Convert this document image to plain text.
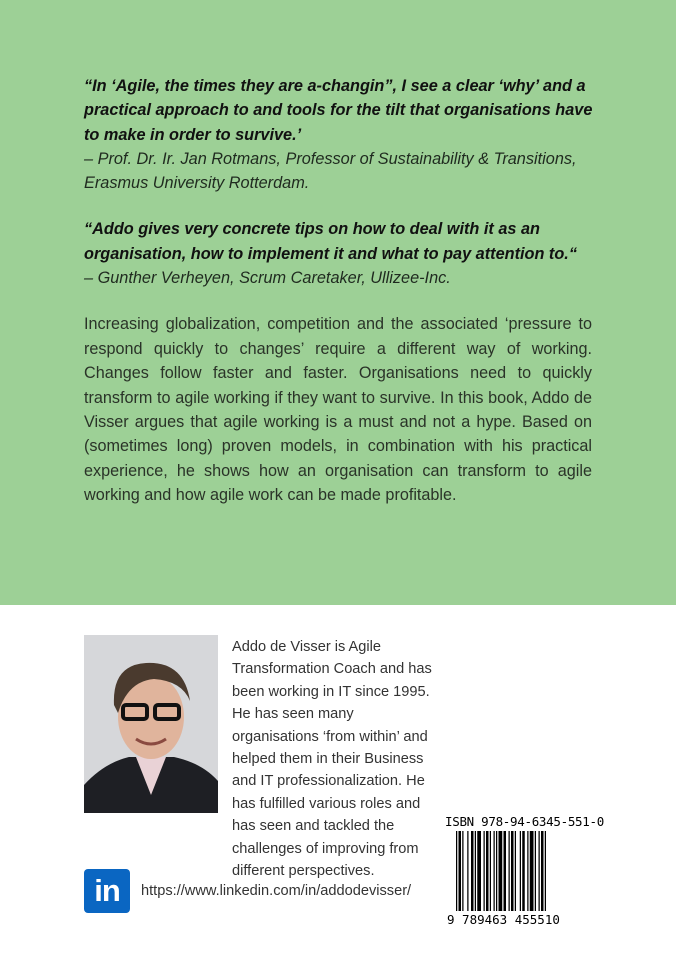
“In ‘Agile, the times they are a-changin”, I see a clear ‘why’ and a practical approach to and tools for the tilt that organisations have to make in order to survive.’
– Prof. Dr. Ir. Jan Rotmans, Professor of Sustainability & Transitions, Erasmus University Rotterdam.
“Addo gives very concrete tips on how to deal with it as an organisation, how to implement it and what to pay attention to.“
– Gunther Verheyen, Scrum Caretaker, Ullizee-Inc.
Increasing globalization, competition and the associated ‘pressure to respond quickly to changes’ require a different way of working. Changes follow faster and faster. Organisations need to quickly transform to agile working if they want to survive. In this book, Addo de Visser argues that agile working is a must and not a hype. Based on (sometimes long) proven models, in combination with his practical experience, he shows how an organisation can transform to agile working and how agile work can be made profitable.
Addo de Visser is Agile Transformation Coach and has been working in IT since 1995. He has seen many organisations ‘from within’ and helped them in their Business and IT professionalization. He has fulfilled various roles and has seen and tackled the challenges of improving from different perspectives.
ISBN 978-94-6345-551-0
9 789463 455510
in	https://www.linkedin.com/in/addodevisser/
